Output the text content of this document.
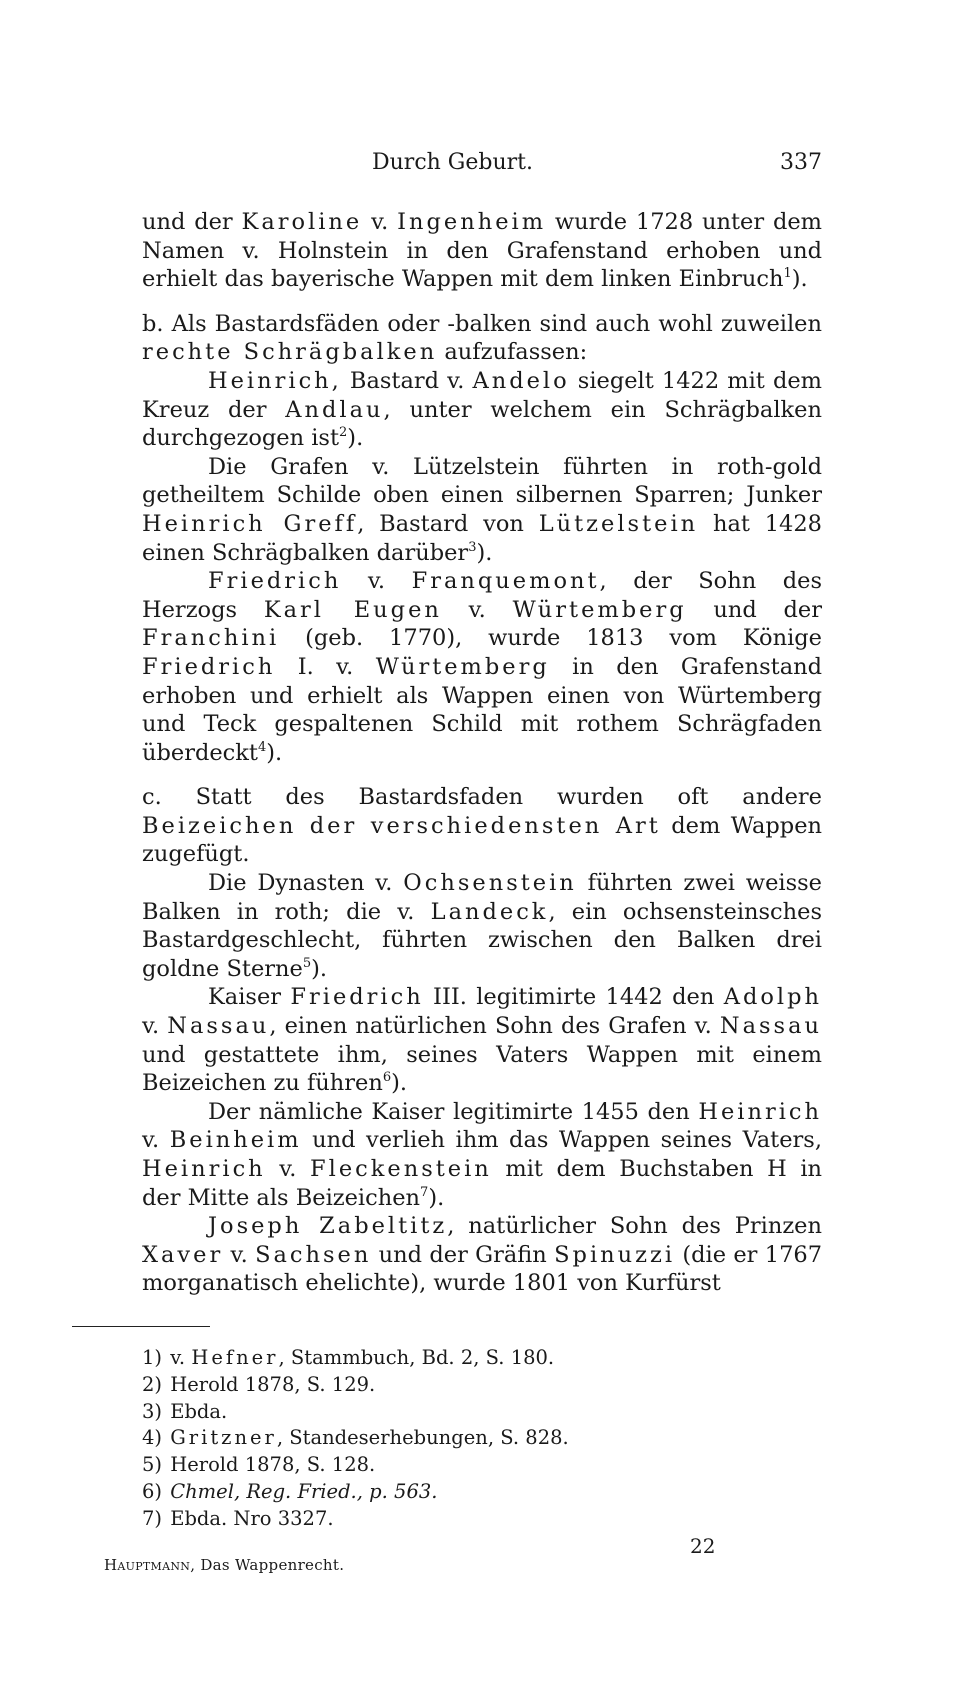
Durch Geburt.	337

und der Karoline v. Ingenheim wurde 1728 unter dem Namen v. Holnstein in den Grafenstand erhoben und erhielt das bayerische Wappen mit dem linken Einbruch$^1$).

b. Als Bastardsfäden oder -balken sind auch wohl zuweilen rechte Schrägbalken aufzufassen:

Heinrich, Bastard v. Andelo siegelt 1422 mit dem Kreuz der Andlau, unter welchem ein Schrägbalken durchgezogen ist$^2$).

Die Grafen v. Lützelstein führten in roth-gold getheiltem Schilde oben einen silbernen Sparren; Junker Heinrich Greff, Bastard von Lützelstein hat 1428 einen Schrägbalken darüber$^3$).

Friedrich v. Franquemont, der Sohn des Herzogs Karl Eugen v. Würtemberg und der Franchini (geb. 1770), wurde 1813 vom Könige Friedrich I. v. Würtemberg in den Grafenstand erhoben und erhielt als Wappen einen von Würtemberg und Teck gespaltenen Schild mit rothem Schrägfaden überdeckt$^4$).

c. Statt des Bastardsfaden wurden oft andere Beizeichen der verschiedensten Art dem Wappen zugefügt.

Die Dynasten v. Ochsenstein führten zwei weisse Balken in roth; die v. Landeck, ein ochsensteinsches Bastardgeschlecht, führten zwischen den Balken drei goldne Sterne$^5$).

Kaiser Friedrich III. legitimirte 1442 den Adolph v. Nassau, einen natürlichen Sohn des Grafen v. Nassau und gestattete ihm, seines Vaters Wappen mit einem Beizeichen zu führen$^6$).

Der nämliche Kaiser legitimirte 1455 den Heinrich v. Beinheim und verlieh ihm das Wappen seines Vaters, Heinrich v. Fleckenstein mit dem Buchstaben H in der Mitte als Beizeichen$^7$).

Joseph Zabeltitz, natürlicher Sohn des Prinzen Xaver v. Sachsen und der Gräfin Spinuzzi (die er 1767 morganatisch ehelichte), wurde 1801 von Kurfürst

1) v. Hefner, Stammbuch, Bd. 2, S. 180.
2) Herold 1878, S. 129.
3) Ebda.
4) Gritzner, Standeserhebungen, S. 828.
5) Herold 1878, S. 128.
6) Chmel, Reg. Fried., p. 563.
7) Ebda. Nro 3327.
Hauptmann, Das Wappenrecht.
22
